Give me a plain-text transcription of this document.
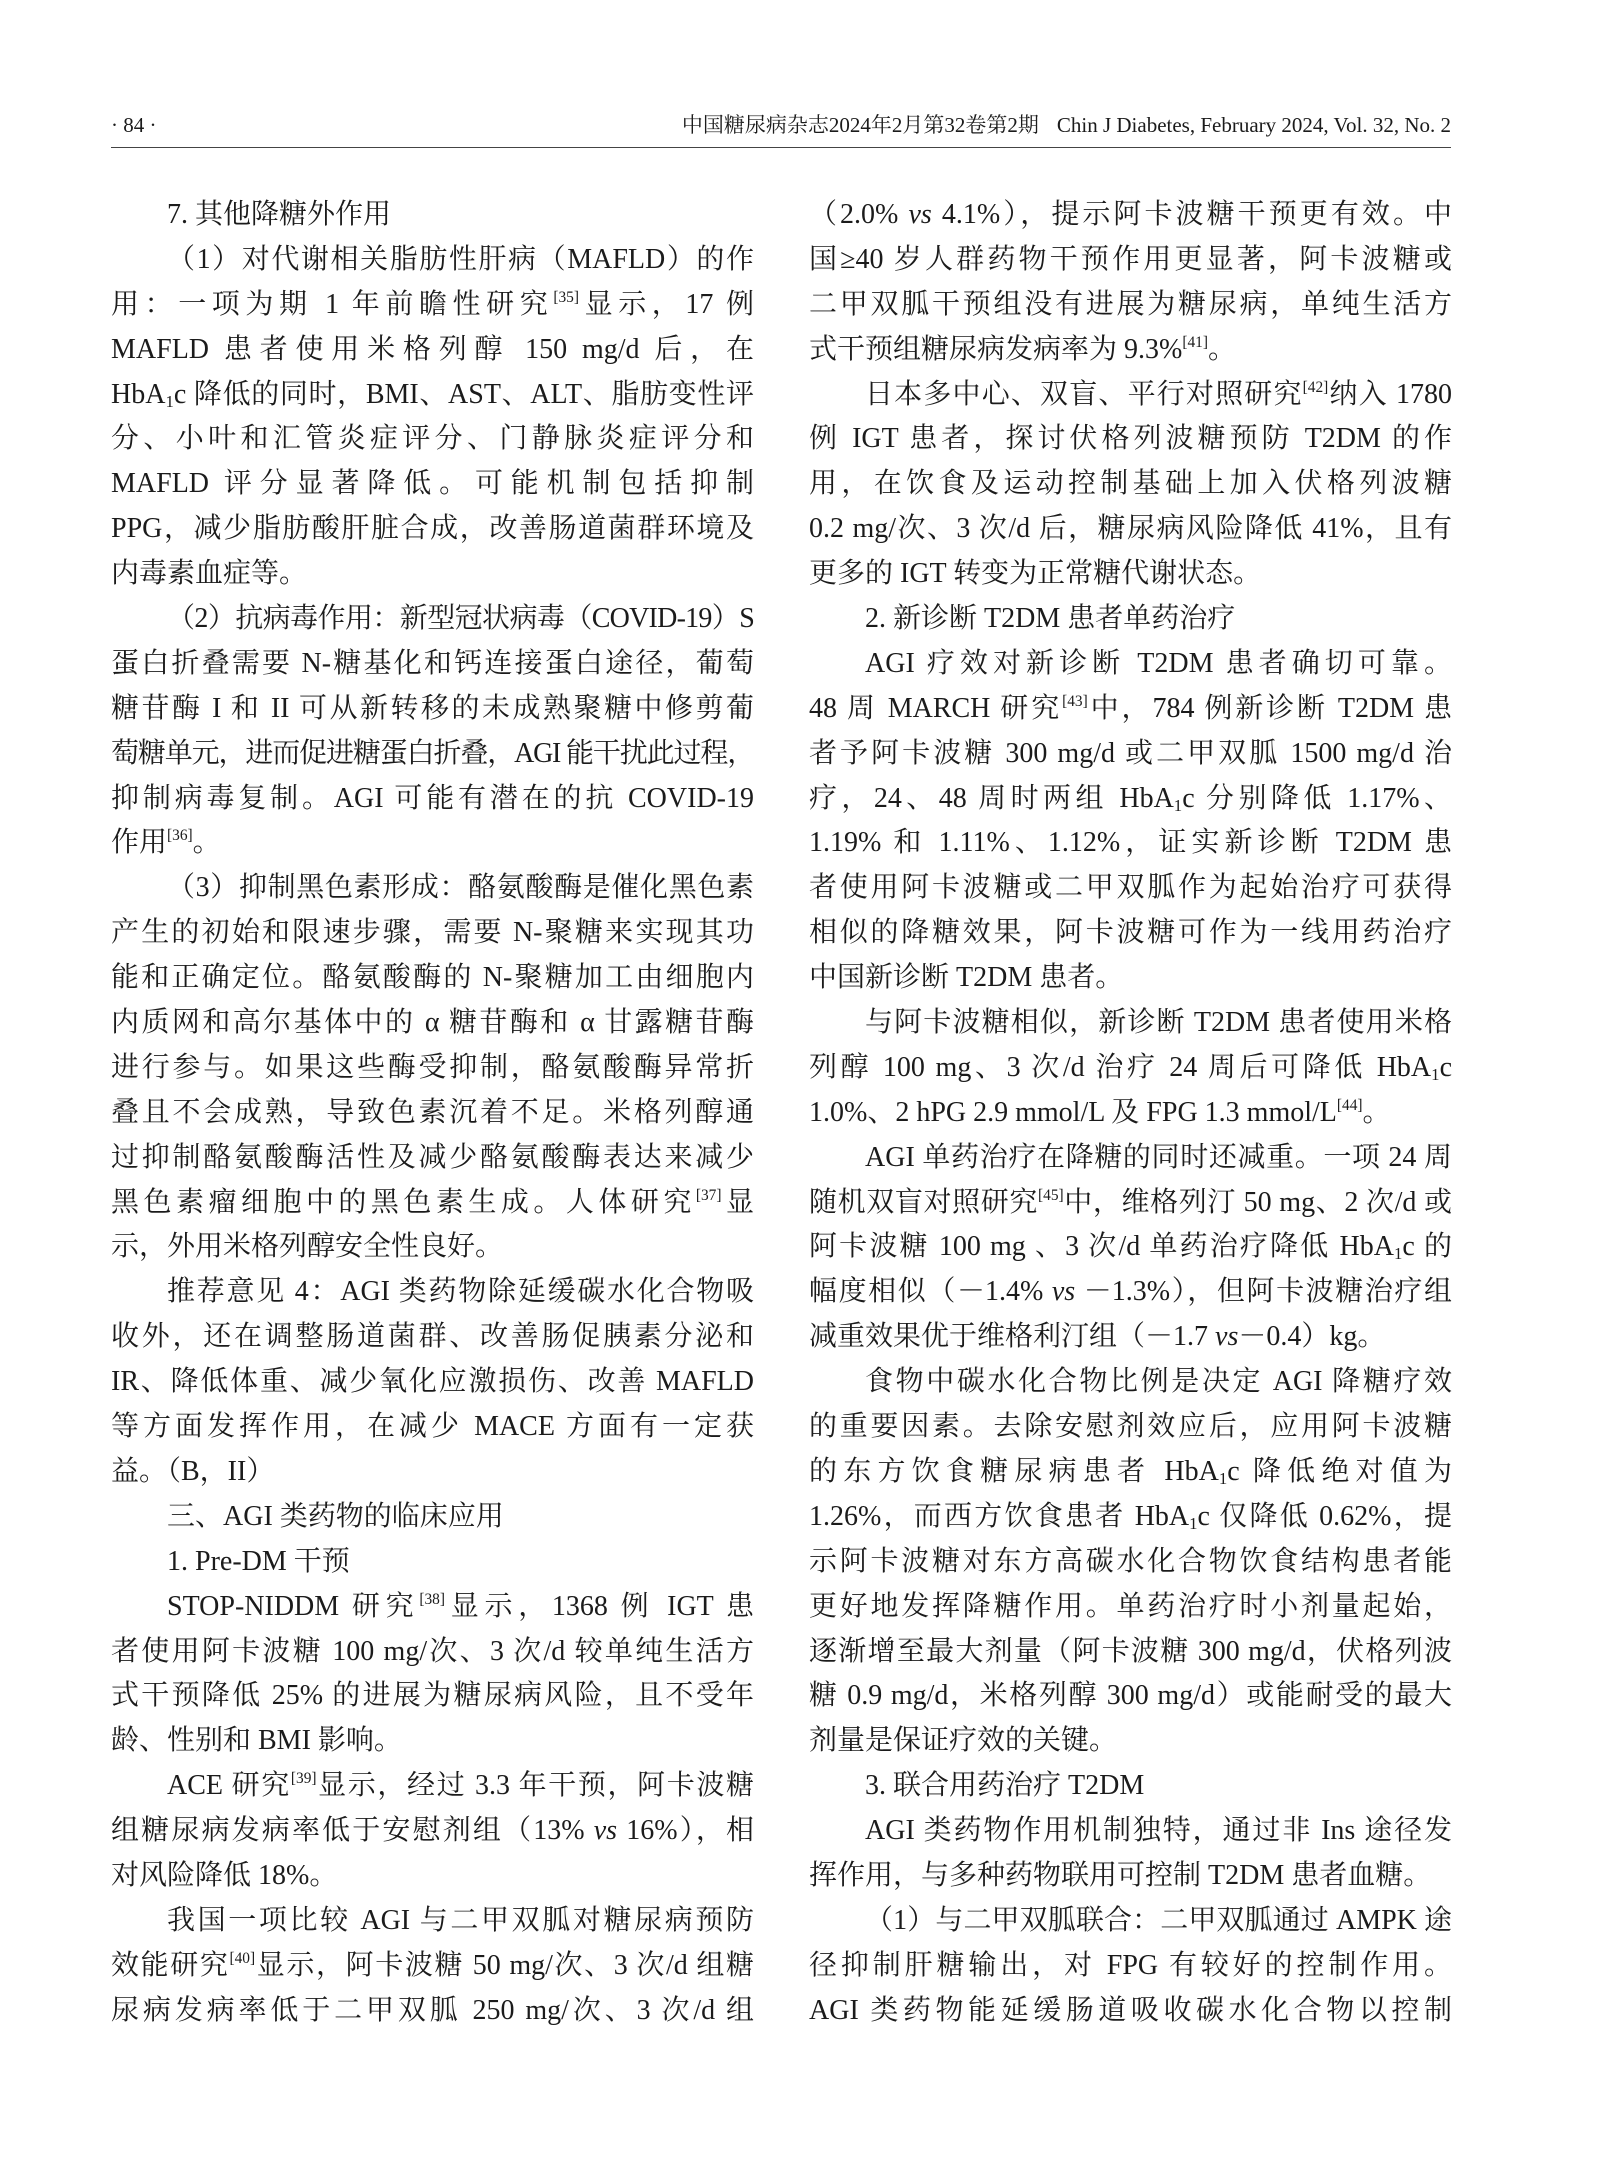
· 84 ·	中国糖尿病杂志2024年2月第32卷第2期 Chin J Diabetes, February 2024, Vol. 32, No. 2
7. 其他降糖外作用
（1）对代谢相关脂肪性肝病（MAFLD）的作
用：一项为期 1 年前瞻性研究[35]显示，17 例
MAFLD 患者使用米格列醇 150 mg/d 后，在
HbA$_1$c 降低的同时，BMI、AST、ALT、脂肪变性评
分、小叶和汇管炎症评分、门静脉炎症评分和
MAFLD 评分显著降低。可能机制包括抑制
PPG，减少脂肪酸肝脏合成，改善肠道菌群环境及
内毒素血症等。
（2）抗病毒作用：新型冠状病毒（COVID-19）S
蛋白折叠需要 N-糖基化和钙连接蛋白途径，葡萄
糖苷酶 I 和 II 可从新转移的未成熟聚糖中修剪葡
萄糖单元，进而促进糖蛋白折叠，AGI 能干扰此过程，
抑制病毒复制。AGI 可能有潜在的抗 COVID-19
作用[36]。
（3）抑制黑色素形成：酪氨酸酶是催化黑色素
产生的初始和限速步骤，需要 N-聚糖来实现其功
能和正确定位。酪氨酸酶的 N-聚糖加工由细胞内
内质网和高尔基体中的 α 糖苷酶和 α 甘露糖苷酶
进行参与。如果这些酶受抑制，酪氨酸酶异常折
叠且不会成熟，导致色素沉着不足。米格列醇通
过抑制酪氨酸酶活性及减少酪氨酸酶表达来减少
黑色素瘤细胞中的黑色素生成。人体研究[37]显
示，外用米格列醇安全性良好。
推荐意见 4：AGI 类药物除延缓碳水化合物吸
收外，还在调整肠道菌群、改善肠促胰素分泌和
IR、降低体重、减少氧化应激损伤、改善 MAFLD
等方面发挥作用，在减少 MACE 方面有一定获
益。（B，II）
三、AGI 类药物的临床应用
1. Pre-DM 干预
STOP-NIDDM 研究[38]显示，1368 例 IGT 患
者使用阿卡波糖 100 mg/次、3 次/d 较单纯生活方
式干预降低 25% 的进展为糖尿病风险，且不受年
龄、性别和 BMI 影响。
ACE 研究[39]显示，经过 3.3 年干预，阿卡波糖
组糖尿病发病率低于安慰剂组（13% vs 16%），相
对风险降低 18%。
我国一项比较 AGI 与二甲双胍对糖尿病预防
效能研究[40]显示，阿卡波糖 50 mg/次、3 次/d 组糖
尿病发病率低于二甲双胍 250 mg/次、3 次/d 组
（2.0% vs 4.1%），提示阿卡波糖干预更有效。中
国≥40 岁人群药物干预作用更显著，阿卡波糖或
二甲双胍干预组没有进展为糖尿病，单纯生活方
式干预组糖尿病发病率为 9.3%[41]。
日本多中心、双盲、平行对照研究[42]纳入 1780
例 IGT 患者，探讨伏格列波糖预防 T2DM 的作
用，在饮食及运动控制基础上加入伏格列波糖
0.2 mg/次、3 次/d 后，糖尿病风险降低 41%，且有
更多的 IGT 转变为正常糖代谢状态。
2. 新诊断 T2DM 患者单药治疗
AGI 疗效对新诊断 T2DM 患者确切可靠。
48 周 MARCH 研究[43]中，784 例新诊断 T2DM 患
者予阿卡波糖 300 mg/d 或二甲双胍 1500 mg/d 治
疗，24、48 周时两组 HbA$_1$c 分别降低 1.17%、
1.19% 和 1.11%、1.12%，证实新诊断 T2DM 患
者使用阿卡波糖或二甲双胍作为起始治疗可获得
相似的降糖效果，阿卡波糖可作为一线用药治疗
中国新诊断 T2DM 患者。
与阿卡波糖相似，新诊断 T2DM 患者使用米格
列醇 100 mg、3 次/d 治疗 24 周后可降低 HbA$_1$c
1.0%、2 hPG 2.9 mmol/L 及 FPG 1.3 mmol/L[44]。
AGI 单药治疗在降糖的同时还减重。一项 24 周
随机双盲对照研究[45]中，维格列汀 50 mg、2 次/d 或
阿卡波糖 100 mg 、3 次/d 单药治疗降低 HbA$_1$c 的
幅度相似（－1.4% vs －1.3%），但阿卡波糖治疗组
减重效果优于维格利汀组（－1.7 vs－0.4）kg。
食物中碳水化合物比例是决定 AGI 降糖疗效
的重要因素。去除安慰剂效应后，应用阿卡波糖
的东方饮食糖尿病患者 HbA$_1$c 降低绝对值为
1.26%，而西方饮食患者 HbA$_1$c 仅降低 0.62%，提
示阿卡波糖对东方高碳水化合物饮食结构患者能
更好地发挥降糖作用。单药治疗时小剂量起始，
逐渐增至最大剂量（阿卡波糖 300 mg/d，伏格列波
糖 0.9 mg/d，米格列醇 300 mg/d）或能耐受的最大
剂量是保证疗效的关键。
3. 联合用药治疗 T2DM
AGI 类药物作用机制独特，通过非 Ins 途径发
挥作用，与多种药物联用可控制 T2DM 患者血糖。
（1）与二甲双胍联合：二甲双胍通过 AMPK 途
径抑制肝糖输出，对 FPG 有较好的控制作用。
AGI 类药物能延缓肠道吸收碳水化合物以控制
